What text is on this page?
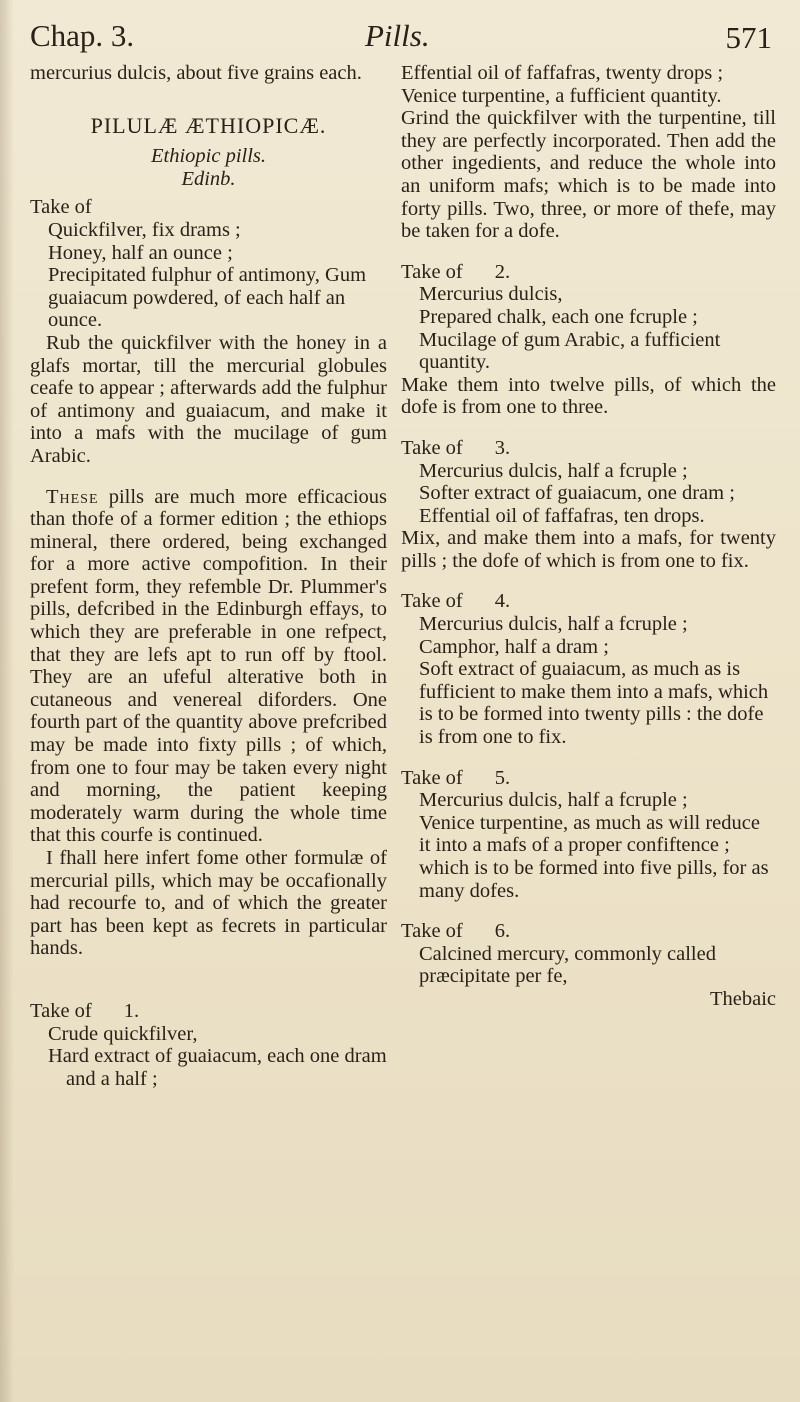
Chap. 3.	Pills.	571

mercurius dulcis, about five grains each.

PILULÆ ÆTHIOPICÆ.

Ethiopic pills.

Edinb.

Take of

Quickfilver, fix drams ;

Honey, half an ounce ;

Precipitated fulphur of antimony, Gum guaiacum powdered, of each half an ounce.

Rub the quickfilver with the honey in a glafs mortar, till the mercurial globules ceafe to appear ; afterwards add the fulphur of antimony and guaiacum, and make it into a mafs with the mucilage of gum Arabic.

These pills are much more efficacious than thofe of a former edition ; the ethiops mineral, there ordered, being exchanged for a more active compofition. In their prefent form, they refemble Dr. Plummer's pills, defcribed in the Edinburgh effays, to which they are preferable in one refpect, that they are lefs apt to run off by ftool. They are an ufeful alterative both in cutaneous and venereal diforders. One fourth part of the quantity above prefcribed may be made into fixty pills ; of which, from one to four may be taken every night and morning, the patient keeping moderately warm during the whole time that this courfe is continued.

I fhall here infert fome other formulæ of mercurial pills, which may be occafionally had recourfe to, and of which the greater part has been kept as fecrets in particular hands.

Take of 1.

Crude quickfilver,

Hard extract of guaiacum, each one dram and a half ;

Effential oil of faffafras, twenty drops ;

Venice turpentine, a fufficient quantity.

Grind the quickfilver with the turpentine, till they are perfectly incorporated. Then add the other ingedients, and reduce the whole into an uniform mafs; which is to be made into forty pills. Two, three, or more of thefe, may be taken for a dofe.

Take of 2.

Mercurius dulcis,

Prepared chalk, each one fcruple ;

Mucilage of gum Arabic, a fufficient quantity.

Make them into twelve pills, of which the dofe is from one to three.

Take of 3.

Mercurius dulcis, half a fcruple ;

Softer extract of guaiacum, one dram ;

Effential oil of faffafras, ten drops.

Mix, and make them into a mafs, for twenty pills ; the dofe of which is from one to fix.

Take of 4.

Mercurius dulcis, half a fcruple ;

Camphor, half a dram ;

Soft extract of guaiacum, as much as is fufficient to make them into a mafs, which is to be formed into twenty pills : the dofe is from one to fix.

Take of 5.

Mercurius dulcis, half a fcruple ;

Venice turpentine, as much as will reduce it into a mafs of a proper confiftence ; which is to be formed into five pills, for as many dofes.

Take of 6.

Calcined mercury, commonly called præcipitate per fe,

Thebaic
